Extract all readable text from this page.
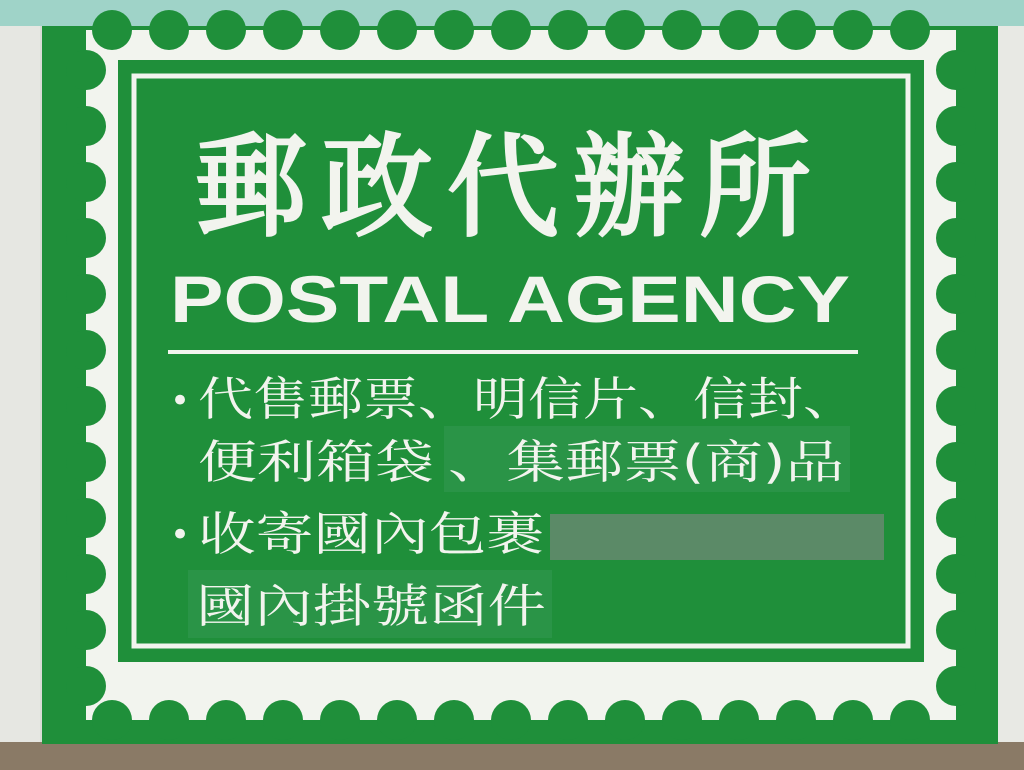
郵政代辦所
POSTAL AGENCY
• 代售郵票、明信片、信封、
便利箱袋 、集郵票(商)品
• 收寄國內包裹
國內掛號函件
